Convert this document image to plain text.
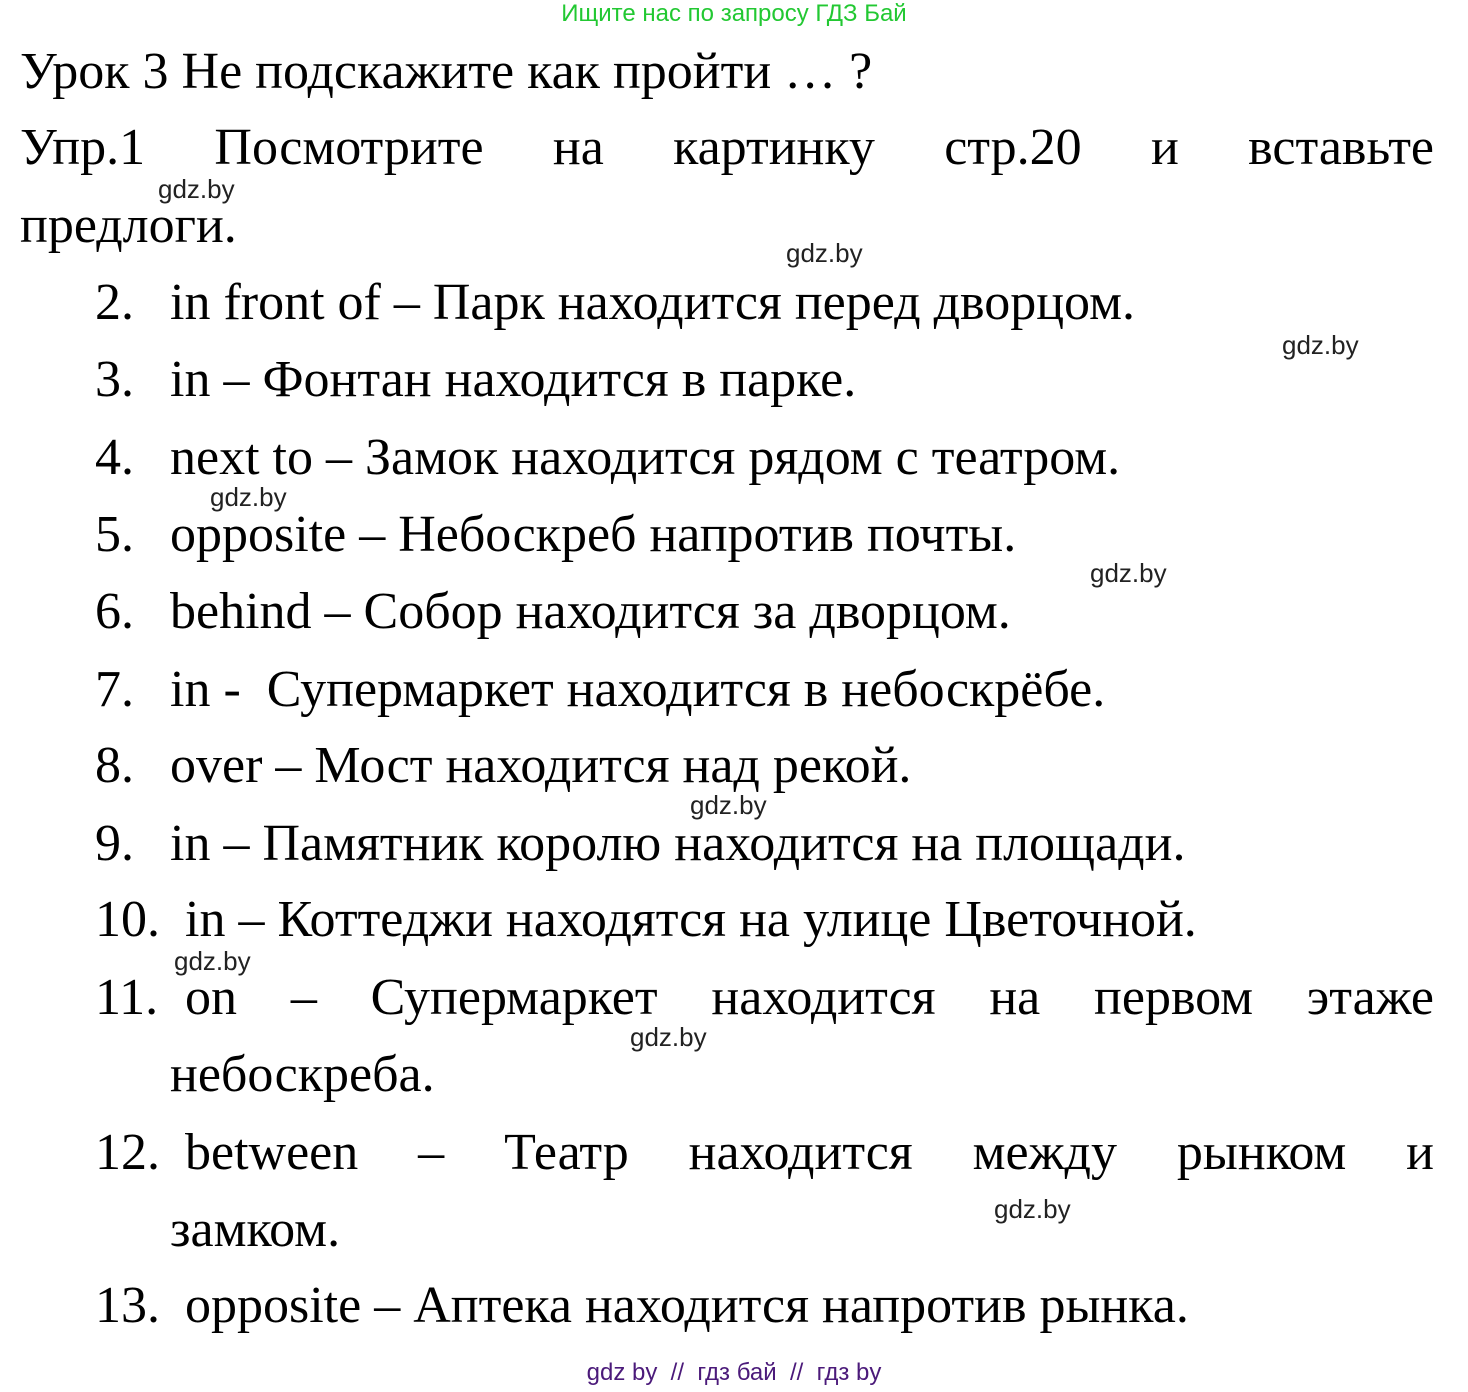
Ищите нас по запросу ГДЗ Бай
Урок 3 Не подскажите как пройти … ?
Упр.1 Посмотрите на картинку стр.20 и вставьте
предлоги.
2. in front of – Парк находится перед дворцом.
3. in – Фонтан находится в парке.
4. next to – Замок находится рядом с театром.
5. opposite – Небоскреб напротив почты.
6. behind – Собор находится за дворцом.
7. in -  Супермаркет находится в небоскрёбе.
8. over – Мост находится над рекой.
9. in – Памятник королю находится на площади.
10. in – Коттеджи находятся на улице Цветочной.
11. on – Супермаркет находится на первом этаже
небоскреба.
12. between – Театр находится между рынком и
замком.
13. opposite – Аптека находится напротив рынка.
gdz.by
gdz.by
gdz.by
gdz.by
gdz.by
gdz.by
gdz.by
gdz.by
gdz.by
gdz by  //  гдз бай  //  гдз by
